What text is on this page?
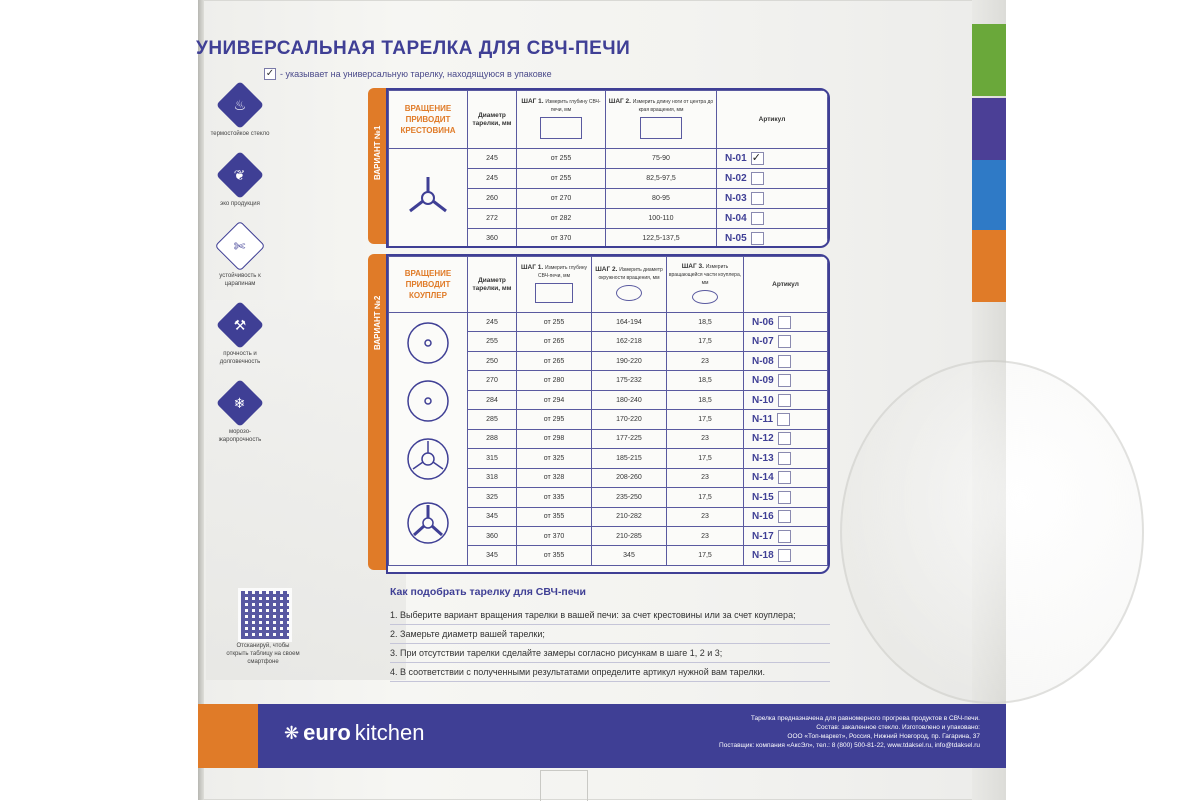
УНИВЕРСАЛЬНАЯ ТАРЕЛКА ДЛЯ СВЧ-ПЕЧИ
✓ - указывает на универсальную тарелку, находящуюся в упаковке
♨
термостойкое стекло
❦
эко продукция
✄
устойчивость к царапинам
⚒
прочность и долговечность
❄
морозо- жаропрочность
ВАРИАНТ №1
ВРАЩЕНИЕ ПРИВОДИТ КРЕСТОВИНА	Диаметр тарелки, мм	ШАГ 1. Измерить глубину СВЧ-печи, мм	ШАГ 2. Измерить длину ноги от центра до края вращения, мм	Артикул
	245	от 255	75-90	N-01 ✓
	245	от 255	82,5-97,5	N-02
	260	от 270	80-95	N-03
	272	от 282	100-110	N-04
	360	от 370	122,5-137,5	N-05
ВАРИАНТ №2
ВРАЩЕНИЕ ПРИВОДИТ КОУПЛЕР	Диаметр тарелки, мм	ШАГ 1. Измерить глубину СВЧ-печи, мм	ШАГ 2. Измерить диаметр окружности вращения, мм	ШАГ 3. Измерить вращающейся части коуплера, мм	Артикул
	245	от 255	164-194	18,5	N-06
	255	от 265	162-218	17,5	N-07
	250	от 265	190-220	23	N-08
	270	от 280	175-232	18,5	N-09
	284	от 294	180-240	18,5	N-10
	285	от 295	170-220	17,5	N-11
	288	от 298	177-225	23	N-12
	315	от 325	185-215	17,5	N-13
	318	от 328	208-260	23	N-14
	325	от 335	235-250	17,5	N-15
	345	от 355	210-282	23	N-16
	360	от 370	210-285	23	N-17
	345	от 355	345	17,5	N-18
Как подобрать тарелку для СВЧ-печи
1. Выберите вариант вращения тарелки в вашей печи: за счет крестовины или за счет коуплера;
2. Замерьте диаметр вашей тарелки;
3. При отсутствии тарелки сделайте замеры согласно рисункам в шаге 1, 2 и 3;
4. В соответствии с полученными результатами определите артикул нужной вам тарелки.
Отсканируй, чтобы открыть таблицу на своем смартфоне
❋ euro kitchen
Тарелка предназначена для равномерного прогрева продуктов в СВЧ-печи.
Состав: закаленное стекло. Изготовлено и упаковано:
ООО «Топ-маркет», Россия, Нижний Новгород, пр. Гагарина, 37
Поставщик: компания «АксЭл», тел.: 8 (800) 500-81-22, www.tdaksel.ru, info@tdaksel.ru
